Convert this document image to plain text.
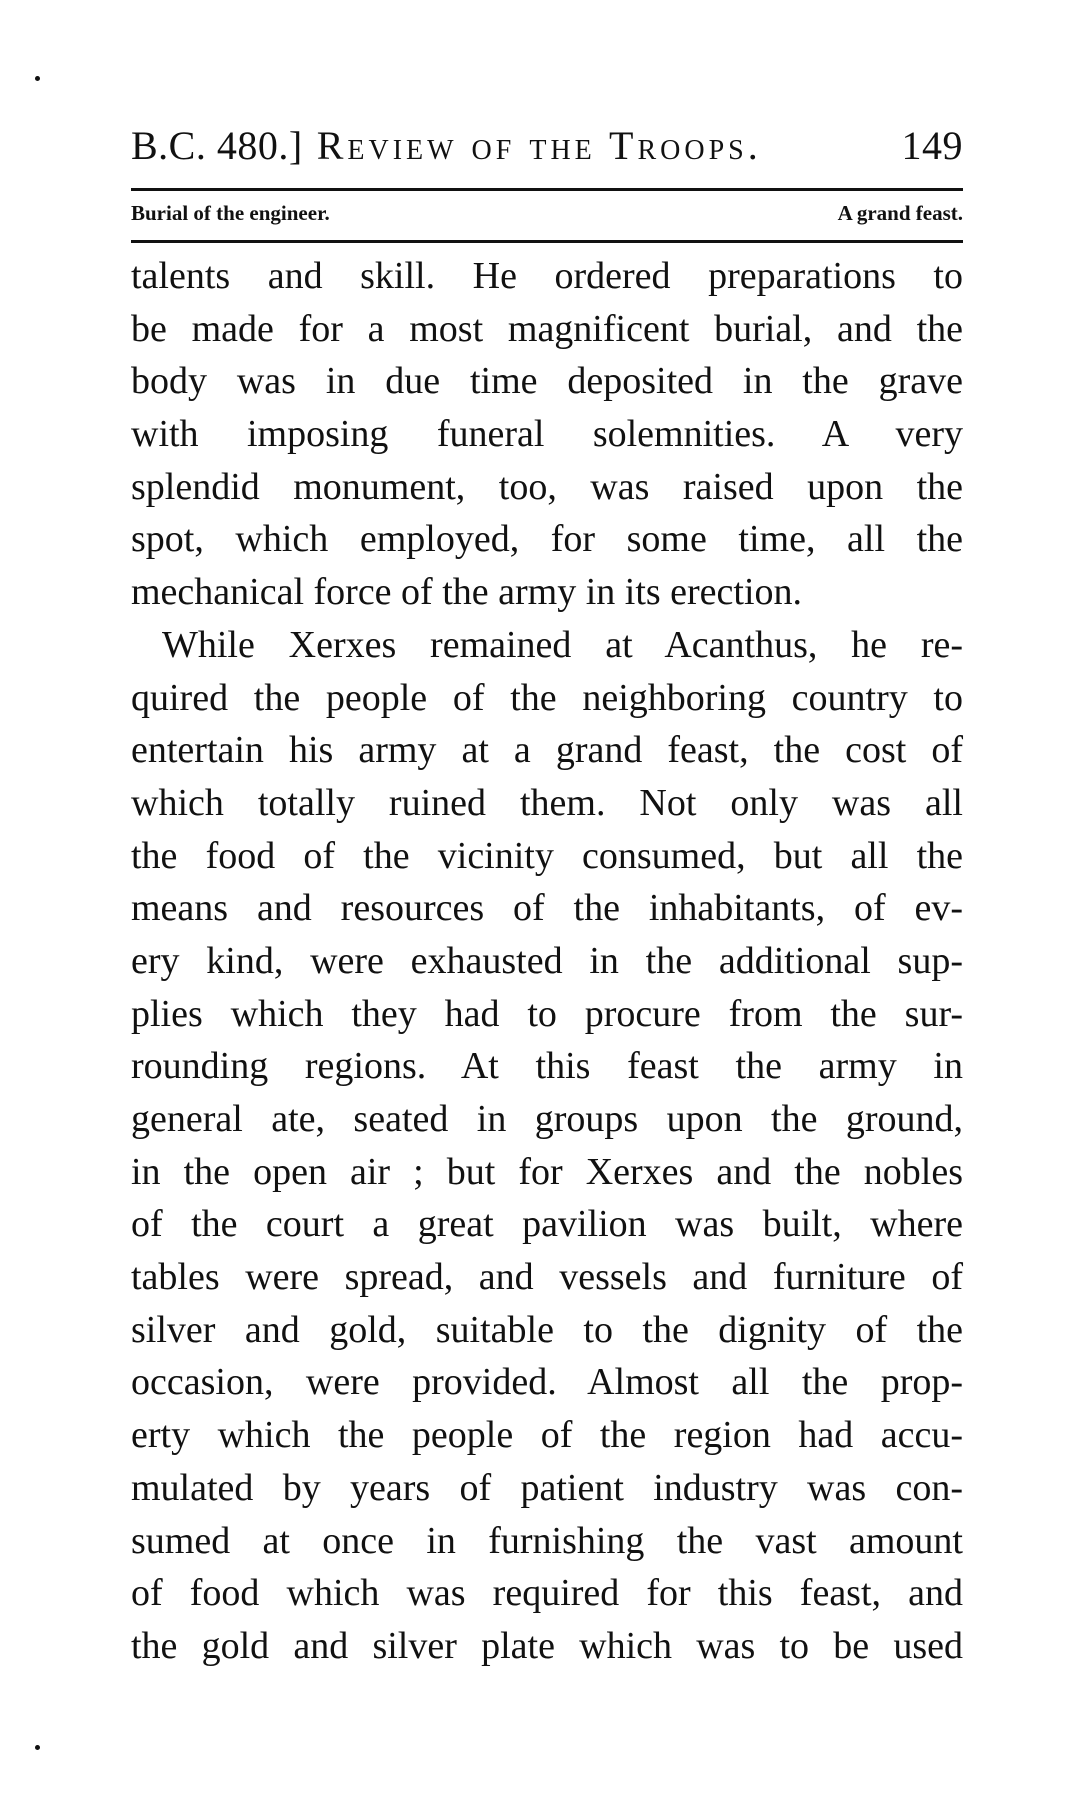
B.C. 480.] Review of the Troops.	149
Burial of the engineer.	A grand feast.
talents and skill. He ordered preparations to
be made for a most magnificent burial, and the
body was in due time deposited in the grave
with imposing funeral solemnities. A very
splendid monument, too, was raised upon the
spot, which employed, for some time, all the
mechanical force of the army in its erection.
While Xerxes remained at Acanthus, he re-
quired the people of the neighboring country to
entertain his army at a grand feast, the cost of
which totally ruined them. Not only was all
the food of the vicinity consumed, but all the
means and resources of the inhabitants, of ev-
ery kind, were exhausted in the additional sup-
plies which they had to procure from the sur-
rounding regions. At this feast the army in
general ate, seated in groups upon the ground,
in the open air ; but for Xerxes and the nobles
of the court a great pavilion was built, where
tables were spread, and vessels and furniture of
silver and gold, suitable to the dignity of the
occasion, were provided. Almost all the prop-
erty which the people of the region had accu-
mulated by years of patient industry was con-
sumed at once in furnishing the vast amount
of food which was required for this feast, and
the gold and silver plate which was to be used
